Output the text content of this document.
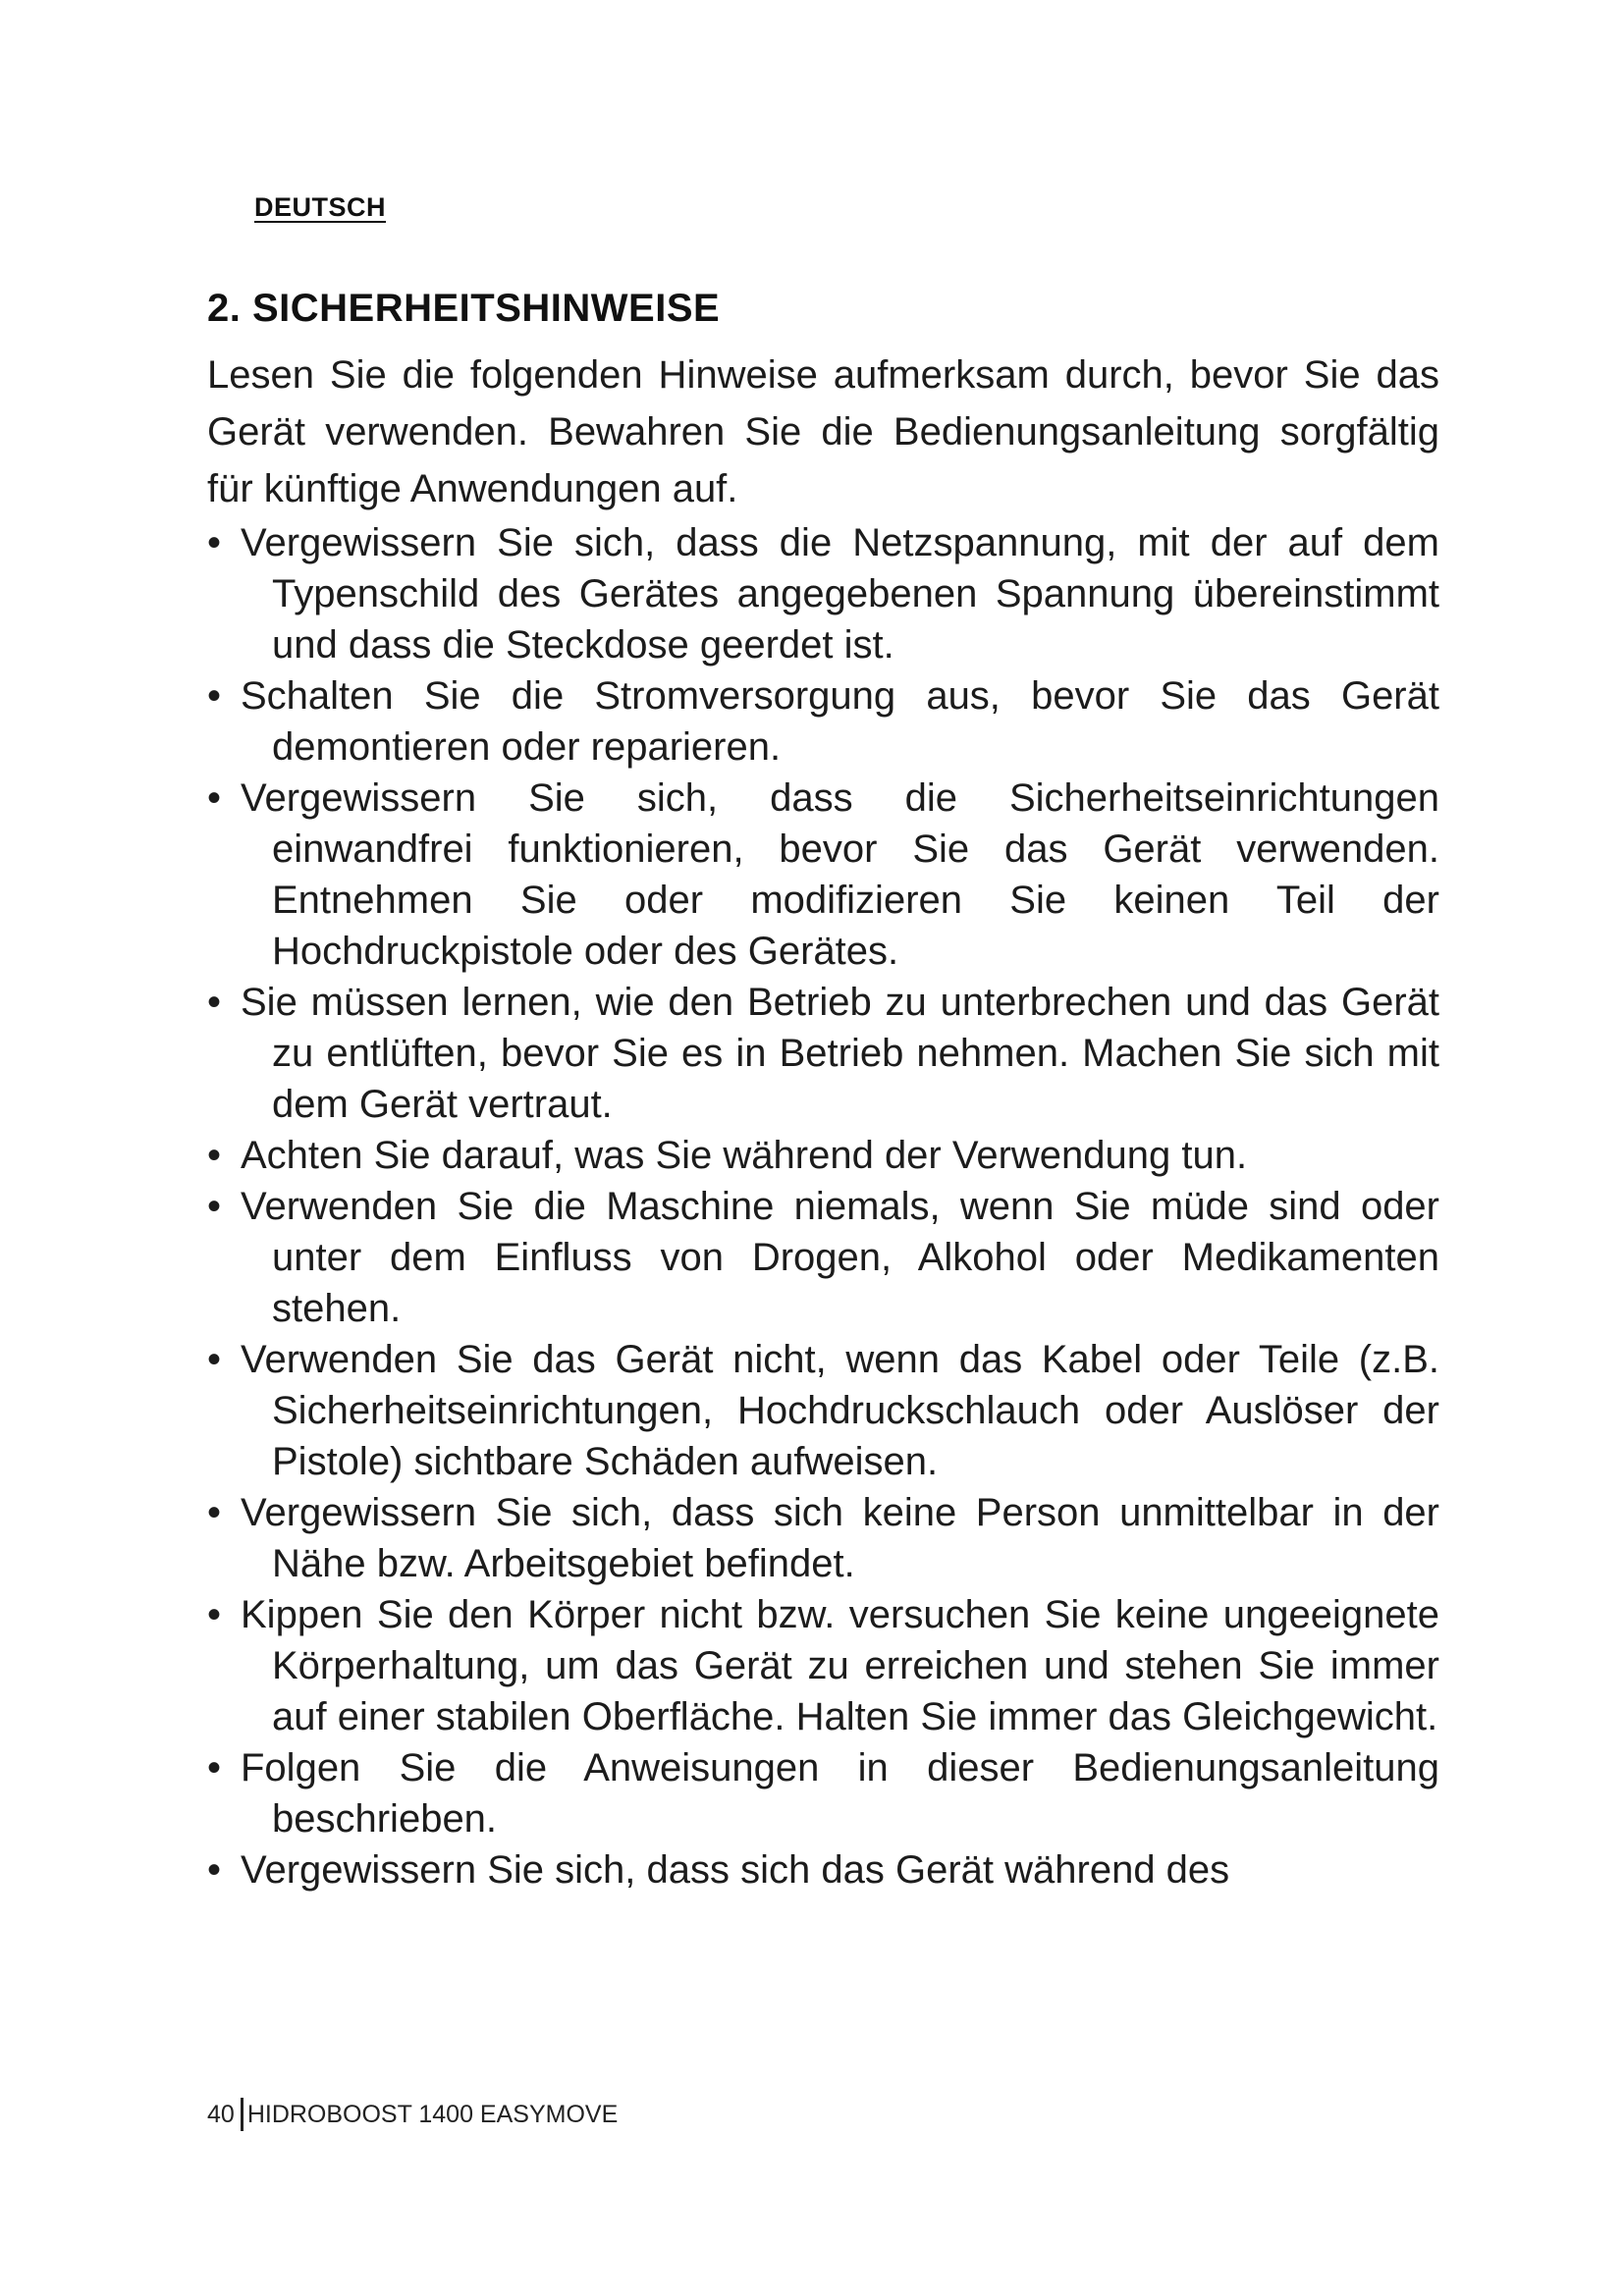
DEUTSCH
2. SICHERHEITSHINWEISE

Lesen Sie die folgenden Hinweise aufmerksam durch, bevor Sie das Gerät verwenden. Bewahren Sie die Bedienungsanleitung sorgfältig für künftige Anwendungen auf.

• Vergewissern Sie sich, dass die Netzspannung, mit der auf dem Typenschild des Gerätes angegebenen Spannung übereinstimmt und dass die Steckdose geerdet ist.
• Schalten Sie die Stromversorgung aus, bevor Sie das Gerät demontieren oder reparieren.
• Vergewissern Sie sich, dass die Sicherheitseinrichtungen einwandfrei funktionieren, bevor Sie das Gerät verwenden. Entnehmen Sie oder modifizieren Sie keinen Teil der Hochdruckpistole oder des Gerätes.
• Sie müssen lernen, wie den Betrieb zu unterbrechen und das Gerät zu entlüften, bevor Sie es in Betrieb nehmen. Machen Sie sich mit dem Gerät vertraut.
• Achten Sie darauf, was Sie während der Verwendung tun.
• Verwenden Sie die Maschine niemals, wenn Sie müde sind oder unter dem Einfluss von Drogen, Alkohol oder Medikamenten stehen.
• Verwenden Sie das Gerät nicht, wenn das Kabel oder Teile (z.B. Sicherheitseinrichtungen, Hochdruckschlauch oder Auslöser der Pistole) sichtbare Schäden aufweisen.
• Vergewissern Sie sich, dass sich keine Person unmittelbar in der Nähe bzw. Arbeitsgebiet befindet.
• Kippen Sie den Körper nicht bzw. versuchen Sie keine ungeeignete Körperhaltung, um das Gerät zu erreichen und stehen Sie immer auf einer stabilen Oberfläche. Halten Sie immer das Gleichgewicht.
• Folgen Sie die Anweisungen in dieser Bedienungsanleitung beschrieben.
• Vergewissern Sie sich, dass sich das Gerät während des
40 HIDROBOOST 1400 EASYMOVE
